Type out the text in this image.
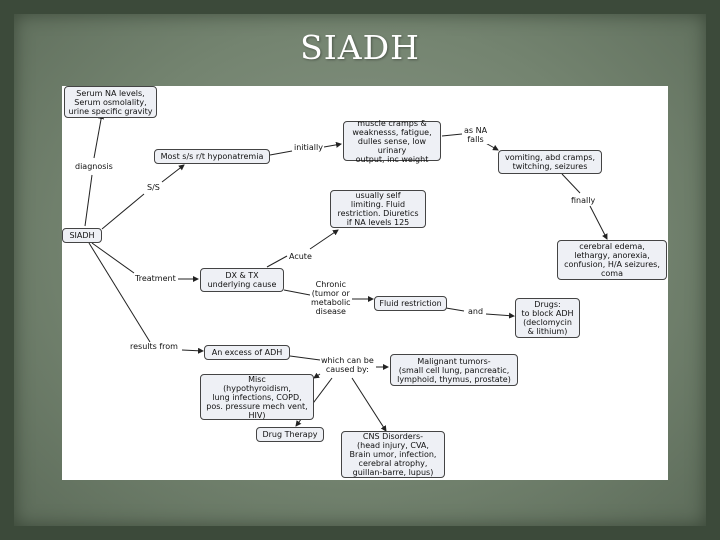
SIADH
Serum NA levels,
Serum osmolality,
urine specific gravity
Most s/s r/t hyponatremia
muscle cramps &
weaknesss, fatigue,
dulles sense, low urinary
output, inc weight	vomiting, abd cramps,
twitching, seizures
cerebral edema,
lethargy, anorexia,
confusion, H/A seizures,
coma
usually self
limiting. Fluid
restriction. Diuretics
if NA levels 125
SIADH
DX & TX
underlying cause
Fluid restriction	Drugs:
to block ADH
(declomycin
& lithium)
An excess of ADH
Malignant tumors-
(small cell lung, pancreatic,
lymphoid, thymus, prostate)
Misc
(hypothyroidism,
lung infections, COPD,
pos. pressure mech vent,
HIV)
Drug Therapy	CNS Disorders-
(head injury, CVA,
Brain umor, infection,
cerebral atrophy,
guillan-barre, lupus)
diagnosis
S/S
initially
as NA
falls
finally
Treatment
Acute
Chronic
(tumor or
metabolic
disease	and
results from
which can be
caused by:
